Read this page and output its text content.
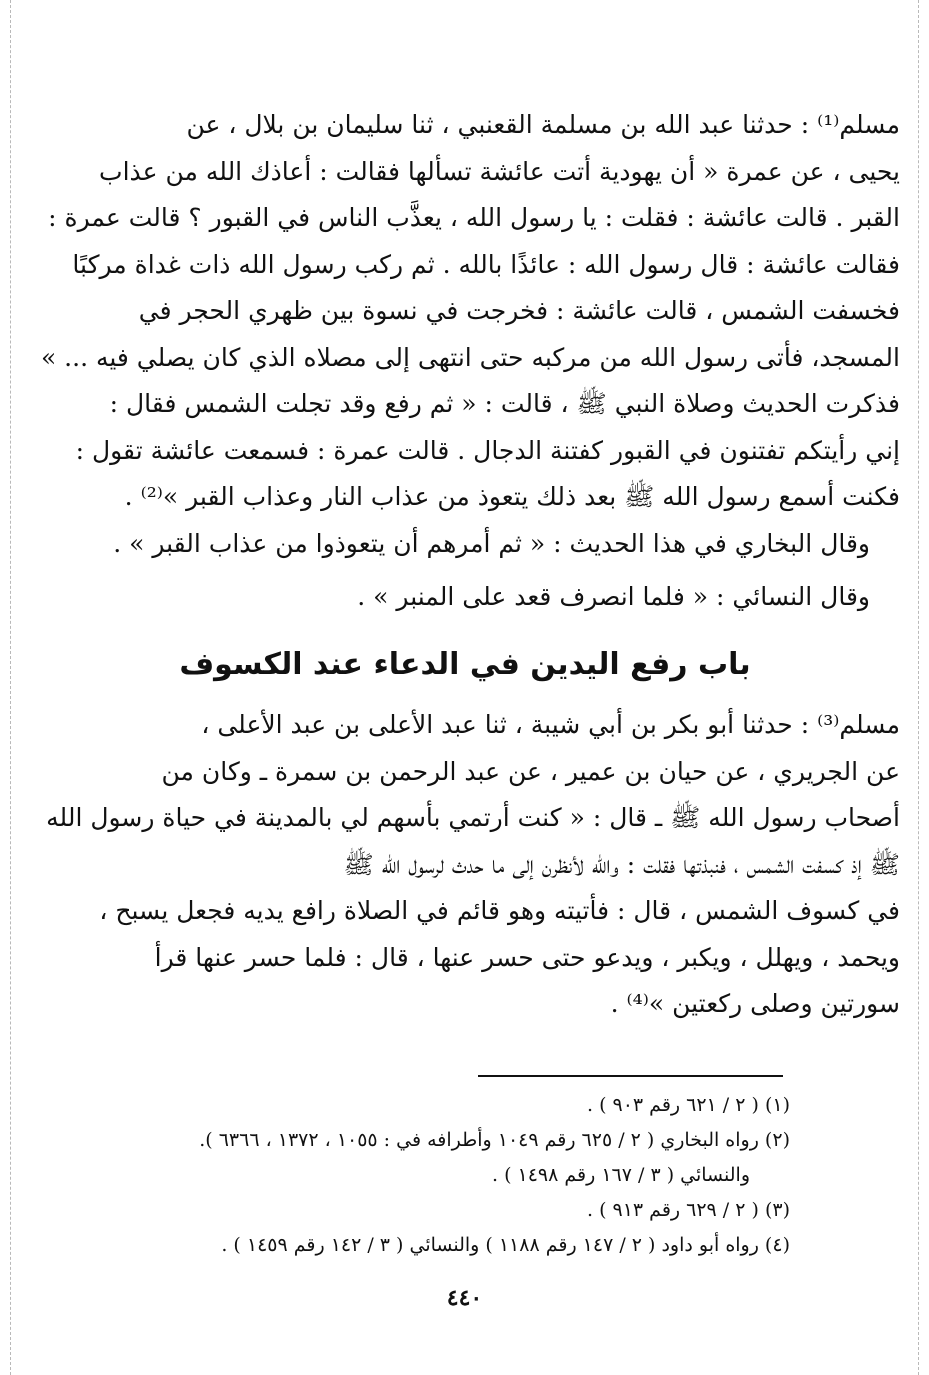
مسلم⁽¹⁾ : حدثنا عبد الله بن مسلمة القعنبي ، ثنا سليمان بن بلال ، عن
يحيى ، عن عمرة « أن يهودية أتت عائشة تسألها فقالت : أعاذك الله من عذاب
القبر . قالت عائشة : فقلت : يا رسول الله ، يعذَّب الناس في القبور ؟ قالت عمرة :
فقالت عائشة : قال رسول الله : عائذًا بالله . ثم ركب رسول الله ذات غداة مركبًا
فخسفت الشمس ، قالت عائشة : فخرجت في نسوة بين ظهري الحجر في
المسجد، فأتى رسول الله من مركبه حتى انتهى إلى مصلاه الذي كان يصلي فيه ... »
فذكرت الحديث وصلاة النبي ﷺ ، قالت : « ثم رفع وقد تجلت الشمس فقال :
إني رأيتكم تفتنون في القبور كفتنة الدجال . قالت عمرة : فسمعت عائشة تقول :
فكنت أسمع رسول الله ﷺ بعد ذلك يتعوذ من عذاب النار وعذاب القبر »⁽²⁾ .
وقال البخاري في هذا الحديث : « ثم أمرهم أن يتعوذوا من عذاب القبر » .
وقال النسائي : « فلما انصرف قعد على المنبر » .
باب رفع اليدين في الدعاء عند الكسوف
مسلم⁽³⁾ : حدثنا أبو بكر بن أبي شيبة ، ثنا عبد الأعلى بن عبد الأعلى ،
عن الجريري ، عن حيان بن عمير ، عن عبد الرحمن بن سمرة ـ وكان من
أصحاب رسول الله ﷺ ـ قال : « كنت أرتمي بأسهم لي بالمدينة في حياة رسول الله
ﷺ إذ كسفت الشمس ، فنبذتها فقلت : والله لأنظرن إلى ما حدث لرسول الله ﷺ
في كسوف الشمس ، قال : فأتيته وهو قائم في الصلاة رافع يديه فجعل يسبح ،
ويحمد ، ويهلل ، ويكبر ، ويدعو حتى حسر عنها ، قال : فلما حسر عنها قرأ
سورتين وصلى ركعتين »⁽⁴⁾ .
(١) ( ٢ / ٦٢١ رقم ٩٠٣ ) .
(٢) رواه البخاري ( ٢ / ٦٢٥ رقم ١٠٤٩ وأطرافه في : ١٠٥٥ ، ١٣٧٢ ، ٦٣٦٦ ).
والنسائي ( ٣ / ١٦٧ رقم ١٤٩٨ ) .
(٣) ( ٢ / ٦٢٩ رقم ٩١٣ ) .
(٤) رواه أبو داود ( ٢ / ١٤٧ رقم ١١٨٨ ) والنسائي ( ٣ / ١٤٢ رقم ١٤٥٩ ) .
٤٤٠
